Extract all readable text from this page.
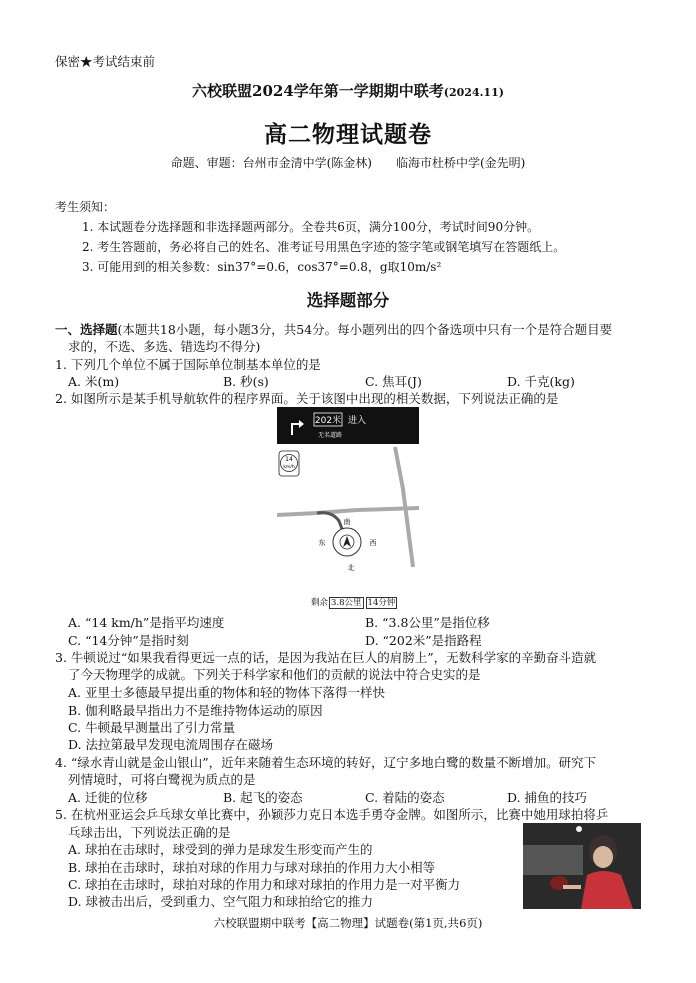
保密★考试结束前
六校联盟2024学年第一学期期中联考(2024.11)
高二物理试题卷
命题、审题：台州市金清中学(陈金林)　　临海市杜桥中学(金先明)
考生须知：
1. 本试题卷分选择题和非选择题两部分。全卷共6页，满分100分，考试时间90分钟。
2. 考生答题前，务必将自己的姓名、准考证号用黑色字迹的签字笔或钢笔填写在答题纸上。
3. 可能用到的相关参数：sin37°=0.6，cos37°=0.8，g取10m/s²
选择题部分
一、选择题(本题共18小题，每小题3分，共54分。每小题列出的四个备选项中只有一个是符合题目要
求的，不选、多选、错选均不得分)
1. 下列几个单位不属于国际单位制基本单位的是
A. 米(m)	B. 秒(s)	C. 焦耳(J)	D. 千克(kg)
2. 如图所示是某手机导航软件的程序界面。关于该图中出现的相关数据，下列说法正确的是
202米 进入
无名道路
14
km/h
南
东	西
北
剩余 3.8公里 14分钟
A. “14 km/h”是指平均速度	B. “3.8公里”是指位移
C. “14分钟”是指时刻	D. “202米”是指路程
3. 牛顿说过“如果我看得更远一点的话，是因为我站在巨人的肩膀上”，无数科学家的辛勤奋斗造就
了今天物理学的成就。下列关于科学家和他们的贡献的说法中符合史实的是
A. 亚里士多德最早提出重的物体和轻的物体下落得一样快
B. 伽利略最早指出力不是维持物体运动的原因
C. 牛顿最早测量出了引力常量
D. 法拉第最早发现电流周围存在磁场
4. “绿水青山就是金山银山”，近年来随着生态环境的转好，辽宁多地白鹭的数量不断增加。研究下
列情境时，可将白鹭视为质点的是
A. 迁徙的位移	B. 起飞的姿态	C. 着陆的姿态	D. 捕鱼的技巧
5. 在杭州亚运会乒乓球女单比赛中，孙颖莎力克日本选手勇夺金牌。如图所示，比赛中她用球拍将乒
乓球击出，下列说法正确的是
A. 球拍在击球时，球受到的弹力是球发生形变而产生的
B. 球拍在击球时，球拍对球的作用力与球对球拍的作用力大小相等
C. 球拍在击球时，球拍对球的作用力和球对球拍的作用力是一对平衡力
D. 球被击出后，受到重力、空气阻力和球拍给它的推力
六校联盟期中联考【高二物理】试题卷(第1页,共6页)
